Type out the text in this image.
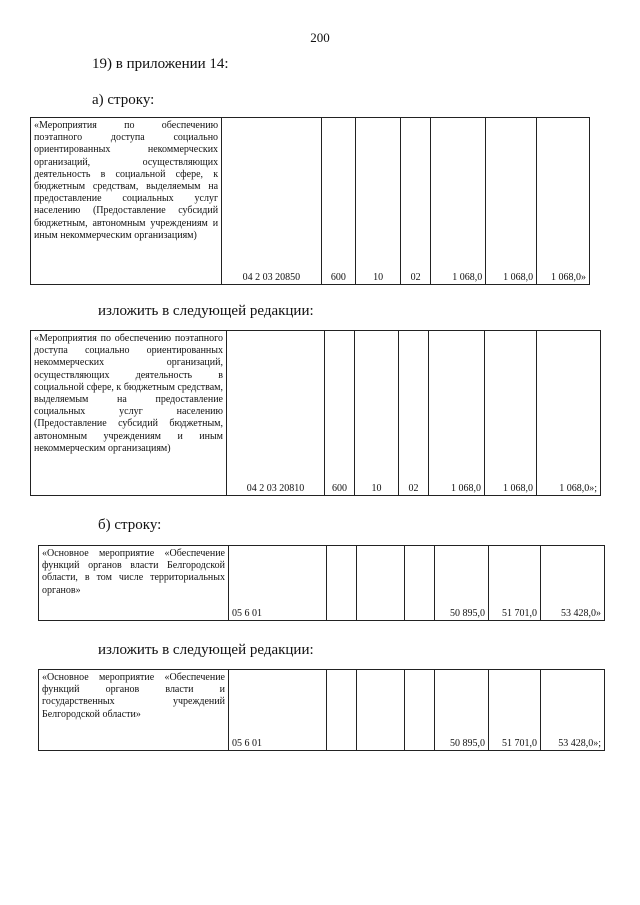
200
19) в приложении 14:
а) строку:
«Мероприятия по обеспечению поэтапного доступа социально ориентированных некоммерческих организаций, осуществляющих деятельность в социальной сфере, к бюджетным средствам, выделяемым на предоставление социальных услуг населению (Предоставление субсидий бюджетным, автономным учреждениям и иным некоммерческим организациям)	04 2 03 20850	600	10	02	1 068,0	1 068,0	1 068,0»
изложить в следующей редакции:
«Мероприятия по обеспечению поэтапного доступа социально ориентированных некоммерческих организаций, осуществляющих деятельность в социальной сфере, к бюджетным средствам, выделяемым на предоставление социальных услуг населению (Предоставление субсидий бюджетным, автономным учреждениям и иным некоммерческим организациям)	04 2 03 20810	600	10	02	1 068,0	1 068,0	1 068,0»;
б) строку:
«Основное мероприятие «Обеспечение функций органов власти Белгородской области, в том числе территориальных органов»	05 6 01				50 895,0	51 701,0	53 428,0»
изложить в следующей редакции:
«Основное мероприятие «Обеспечение функций органов власти и государственных учреждений Белгородской области»	05 6 01				50 895,0	51 701,0	53 428,0»;
